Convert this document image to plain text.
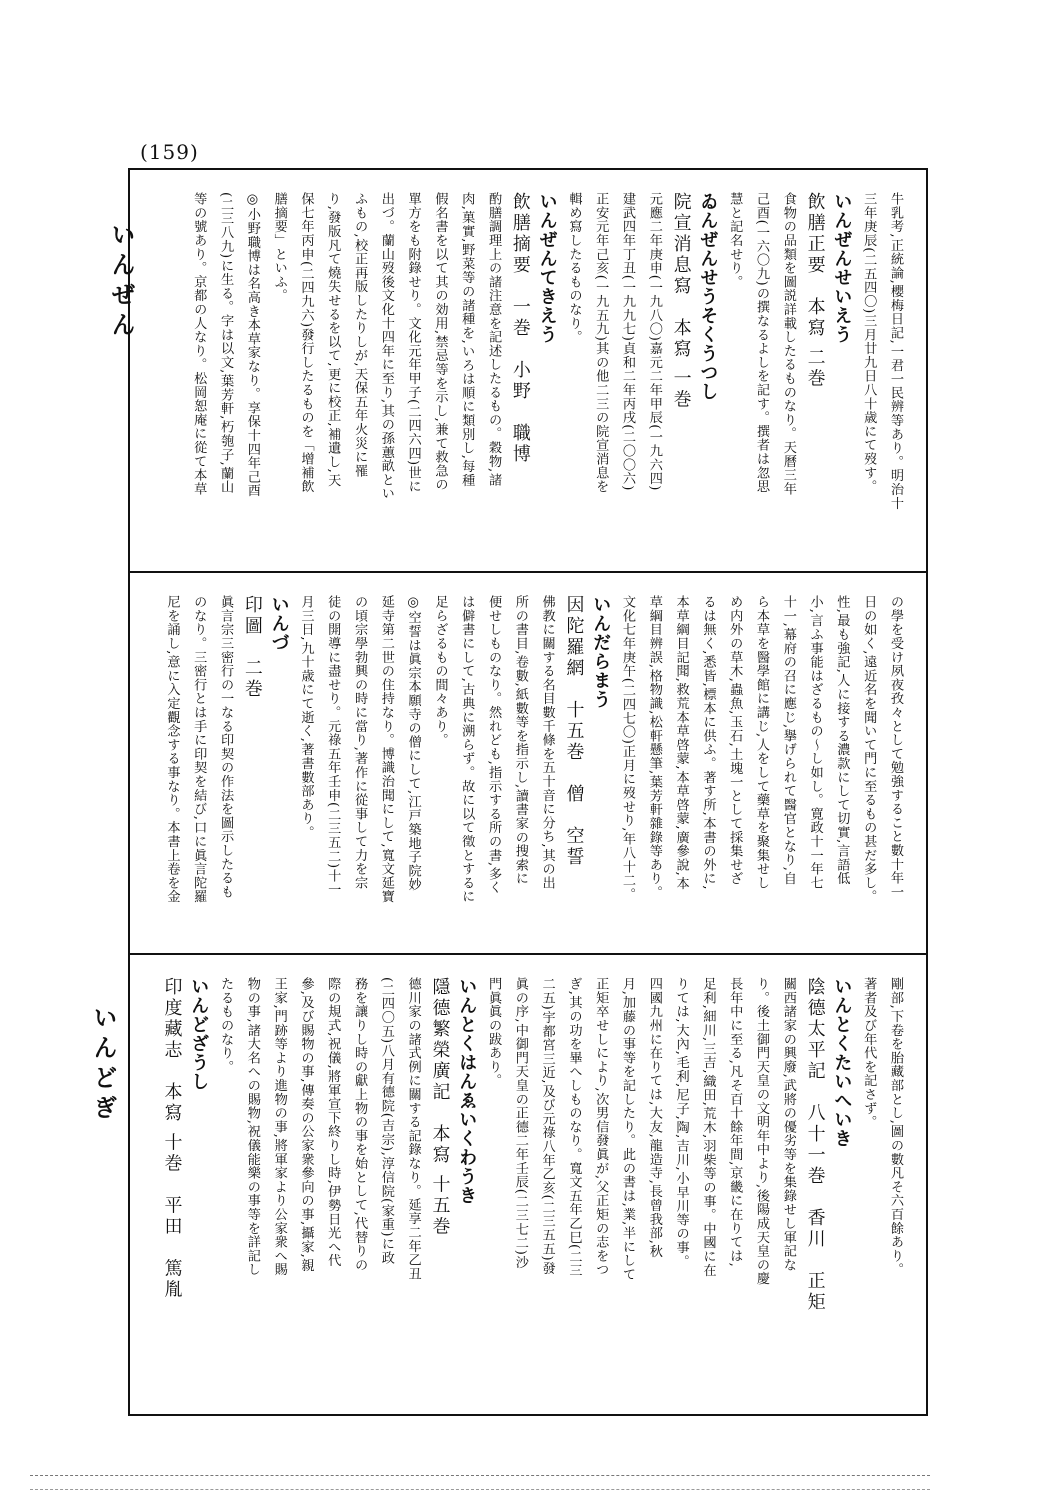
(159)
いんぜん
いんどぎ

牛乳考,正統論,櫻梅日記,一君一民辨等あり。明治十

三年庚辰(二五四〇)三月廿九日八十歳にて歿す。

いんぜんせいえう

飲膳正要　本寫 二巻

食物の品類を圖説詳載したるものなり。天曆三年

己酉(一六〇九)の撰なるよしを記す。撰者は忽思

慧と記名せり。

ゐんぜんせうそくうつし

院宣消息寫　本寫 一巻

元應二年庚申(一九八〇)嘉元二年甲辰(一九六四)

建武四年丁丑(一九九七)貞和二年丙戌(二〇〇六)

正安元年己亥(一九五九)其の他二三の院宣消息を

輯め寫したるものなり。

いんぜんてきえう

飲膳摘要　一巻　小野　職博

酌膳調理上の諸注意を記述したるもの。穀物,諸

肉,菓實,野菜等の諸種を,いろは順に類別し,每種

假名書を以て其の効用,禁忌等を示し,兼て救急の

單方をも附錄せり。文化元年甲子(二四六四)世に

出づ。蘭山歿後文化十四年に至り,其の孫蕙畝とい

ふもの,校正再版したりしが,天保五年火災に罹

り,發版凡て燒失せるを以て,更に校正,補遺し,天

保七年丙申(二四九六)發行したるものを「增補飲

膳摘要」といふ。

◎小野職博は名高き本草家なり。享保十四年己酉

(二三八九)に生る。字は以文,葉芳軒,朽匏子,蘭山

等の號あり。京都の人なり。松岡恕庵に從て本草

の學を受け夙夜孜々として勉強すること數十年一

日の如く,遠近名を聞いて門に至るもの甚だ多し。

性,最も強記,人に接する濃款にして切實,言語低

小,言ふ事能はざるもの〜し如し。寛政十一年七

十一,幕府の召に應じ,擧げられて醫官となり,自

ら本草を醫學館に講じ,人をして藥草を聚集せし

め内外の草木,蟲魚,玉石,土塊一として採集せざ

るは無く,悉皆,標本に供ふ。著す所,本書の外に,

本草綱目記聞,救荒本草啓蒙,本草啓蒙,廣參說,本

草綱目辨誤,格物識,松軒懸筆,葉芳軒雜錄等あり。

文化七年庚午(二四七〇)正月に歿せり,年八十二。

いんだらまう

因陀羅網　十五巻　僧　空誓

佛教に關する名目數千條を五十音に分ち,其の出

所の書目,卷數,紙數等を指示し,讀書家の搜索に

便せしものなり。然れども,指示する所の書,多く

は僻書にして,古典に溯らず。故に以て徵とするに

足らざるもの間々あり。

◎空誓は眞宗本願寺の僧にして,江戸築地子院妙

延寺第二世の住持なり。博識治聞にして,寬文延寶

の頃宗學勃興の時に當り,著作に從事して力を宗

徒の開導に盡せり。元祿五年壬申(二三五二)十一

月三日,九十歳にて逝く,著書數部あり。

いんづ

印圖　二巻

眞言宗三密行の一なる印契の作法を圖示したるも

のなり。三密行とは手に印契を結び,口に眞言陀羅

尼を誦し,意に入定觀念する事なり。本書上卷を金

剛部,下卷を胎藏部とし,圖の數凡そ六百餘あり。

著者及び年代を記さず。

いんとくたいへいき

陰德太平記　八十一巻　香川　正矩

關西諸家の興廢,武將の優劣等を集錄せし軍記な

り。後土御門天皇の文明年中より,後陽成天皇の慶

長年中に至る,凡そ百十餘年間,京畿に在りては,

足利,細川,三吉,織田,荒木,羽柴等の事。中國に在

りては,大內,毛利,尼子,陶,吉川,小早川等の事。

四國九州に在りては,大友,龍造寺,長曾我部,秋

月,加藤の事等を記したり。此の書は,業,半にして

正矩卒せしにより,次男信發眞が,父正矩の志をつ

ぎ,其の功を畢へしものなり。寬文五年乙巳(二三

二五)宇都宮三近,及び元祿八年乙亥(二三五五)發

眞の序,中御門天皇の正德二年壬辰(二三七二)沙

門眞眞の跋あり。

いんとくはんゑいくわうき

隱德繁榮廣記　本寫 十五巻

德川家の諸式例に關する記錄なり。延享二年乙丑

(二四〇五)八月有德院(吉宗),淳信院(家重)に政

務を讓りし時の獻上物の事を始として,代替りの

際の規式,祝儀,將軍宣下終りし時,伊勢日光へ代

參,及び賜物の事,傳奏の公家衆參向の事,攝家,親

王家,門跡等より進物の事,將軍家より公家衆へ賜

物の事,諸大名への賜物,祝儀能樂の事等を詳記し

たるものなり。

いんどざうし

印度藏志　本寫 十巻　平田　篤胤
